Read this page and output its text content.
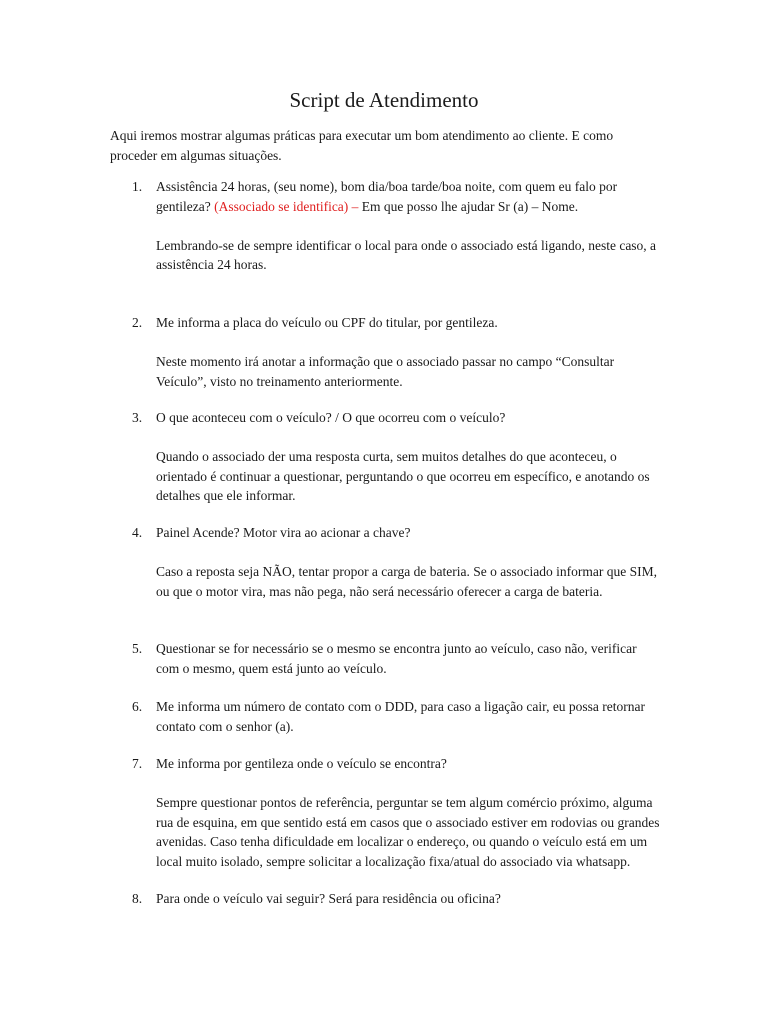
Script de Atendimento
Aqui iremos mostrar algumas práticas para executar um bom atendimento ao cliente. E como proceder em algumas situações.
1.	Assistência 24 horas, (seu nome), bom dia/boa tarde/boa noite, com quem eu falo por gentileza? (Associado se identifica) – Em que posso lhe ajudar Sr (a) – Nome.
Lembrando-se de sempre identificar o local para onde o associado está ligando, neste caso, a assistência 24 horas.
2.	Me informa a placa do veículo ou CPF do titular, por gentileza.
Neste momento irá anotar a informação que o associado passar no campo “Consultar Veículo”, visto no treinamento anteriormente.
3.	O que aconteceu com o veículo? / O que ocorreu com o veículo?
Quando o associado der uma resposta curta, sem muitos detalhes do que aconteceu, o orientado é continuar a questionar, perguntando o que ocorreu em específico, e anotando os detalhes que ele informar.
4.	Painel Acende? Motor vira ao acionar a chave?
Caso a reposta seja NÃO, tentar propor a carga de bateria. Se o associado informar que SIM, ou que o motor vira, mas não pega, não será necessário oferecer a carga de bateria.
5.	Questionar se for necessário se o mesmo se encontra junto ao veículo, caso não, verificar com o mesmo, quem está junto ao veículo.
6.	Me informa um número de contato com o DDD, para caso a ligação cair, eu possa retornar contato com o senhor (a).
7.	Me informa por gentileza onde o veículo se encontra?
Sempre questionar pontos de referência, perguntar se tem algum comércio próximo, alguma rua de esquina, em que sentido está em casos que o associado estiver em rodovias ou grandes avenidas. Caso tenha dificuldade em localizar o endereço, ou quando o veículo está em um local muito isolado, sempre solicitar a localização fixa/atual do associado via whatsapp.
8.	Para onde o veículo vai seguir? Será para residência ou oficina?
